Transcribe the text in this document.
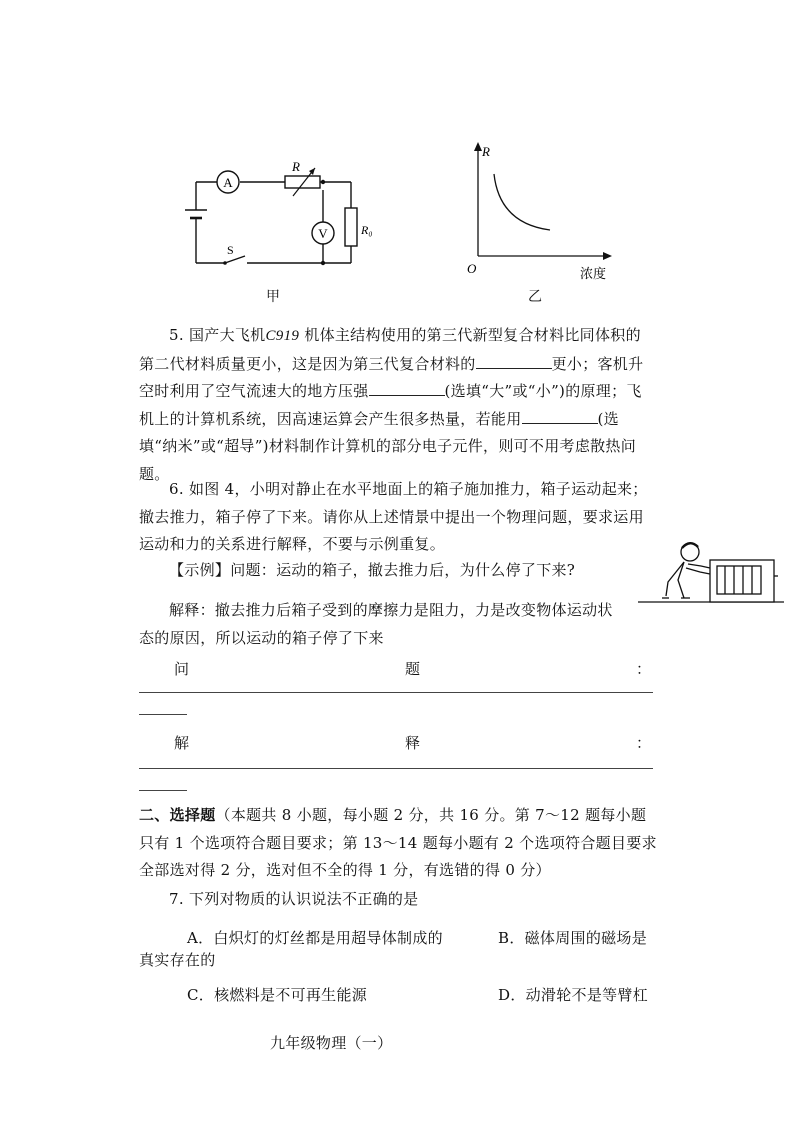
A
V
R
R₀
S
甲
R
O	浓度
乙
5. 国产大飞机C919 机体主结构使用的第三代新型复合材料比同体积的第二代材料质量更小，这是因为第三代复合材料的	更小；客机升空时利用了空气流速大的地方压强	(选填“大”或“小”)的原理；飞机上的计算机系统，因高速运算会产生很多热量，若能用	(选填“纳米”或“超导”)材料制作计算机的部分电子元件，则可不用考虑散热问题。
6. 如图 4，小明对静止在水平地面上的箱子施加推力，箱子运动起来；撤去推力，箱子停了下来。请你从上述情景中提出一个物理问题，要求运用运动和力的关系进行解释，不要与示例重复。
【示例】问题：运动的箱子，撤去推力后，为什么停了下来?
解释：撤去推力后箱子受到的摩擦力是阻力，力是改变物体运动状态的原因，所以运动的箱子停了下来
问	题	：
解	释	：
二、选择题（本题共 8 小题，每小题 2 分，共 16 分。第 7～12 题每小题只有 1 个选项符合题目要求；第 13～14 题每小题有 2 个选项符合题目要求全部选对得 2 分，选对但不全的得 1 分，有选错的得 0 分）
7. 下列对物质的认识说法不正确的是
A．白炽灯的灯丝都是用超导体制成的	B．磁体周围的磁场是
真实存在的
C．核燃料是不可再生能源	D．动滑轮不是等臂杠
九年级物理（一）
